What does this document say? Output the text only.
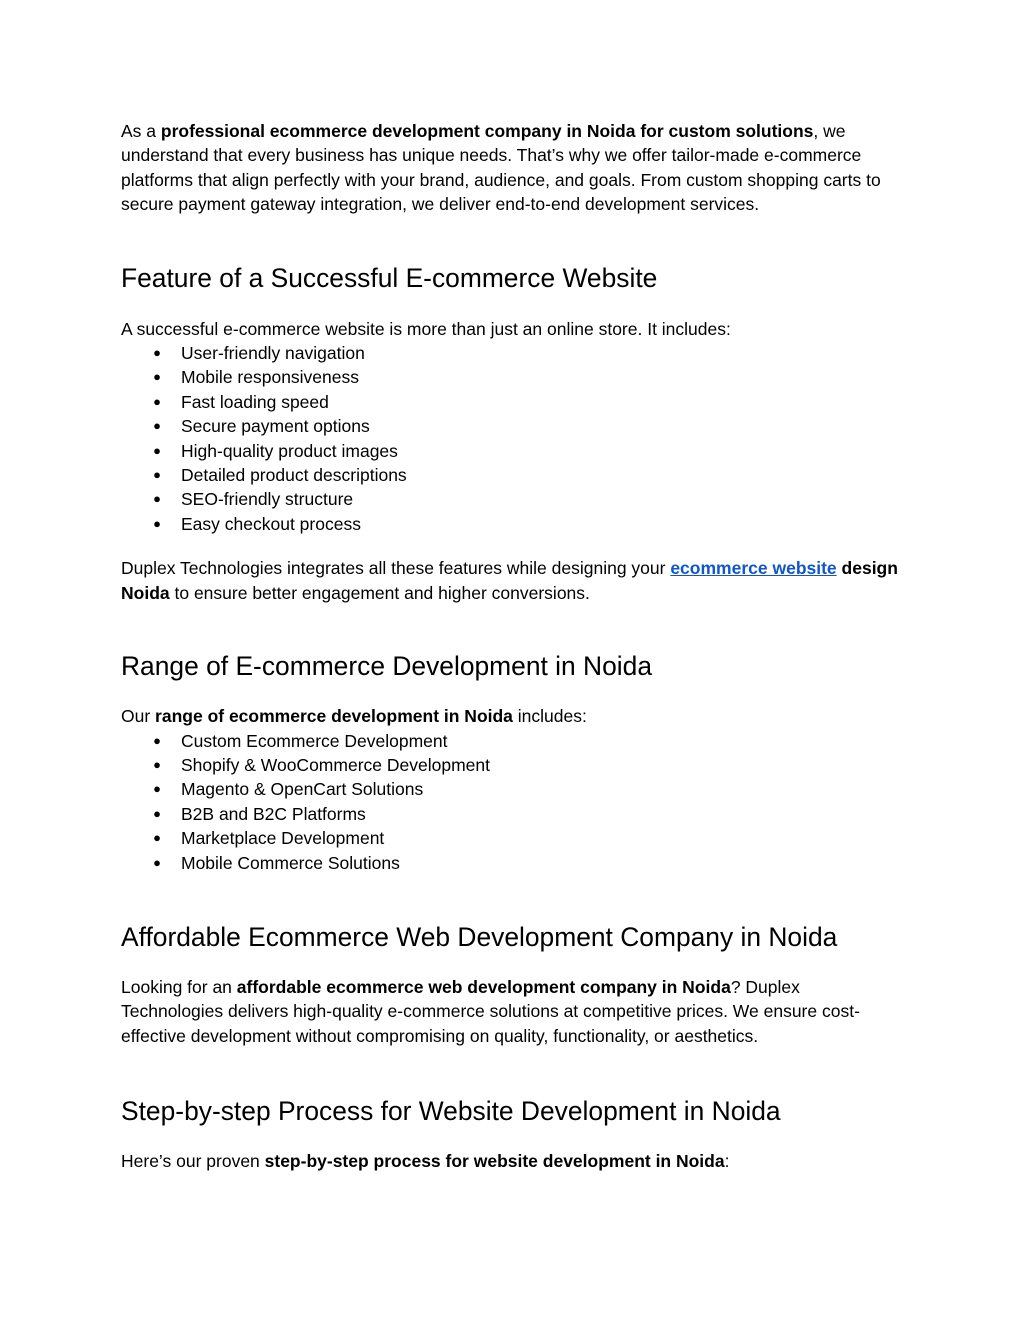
As a professional ecommerce development company in Noida for custom solutions, we understand that every business has unique needs. That’s why we offer tailor-made e-commerce platforms that align perfectly with your brand, audience, and goals. From custom shopping carts to secure payment gateway integration, we deliver end-to-end development services.

Feature of a Successful E-commerce Website

A successful e-commerce website is more than just an online store. It includes:

● User-friendly navigation
● Mobile responsiveness
● Fast loading speed
● Secure payment options
● High-quality product images
● Detailed product descriptions
● SEO-friendly structure
● Easy checkout process

Duplex Technologies integrates all these features while designing your ecommerce website design Noida to ensure better engagement and higher conversions.

Range of E-commerce Development in Noida

Our range of ecommerce development in Noida includes:

● Custom Ecommerce Development
● Shopify & WooCommerce Development
● Magento & OpenCart Solutions
● B2B and B2C Platforms
● Marketplace Development
● Mobile Commerce Solutions
Affordable Ecommerce Web Development Company in Noida

Looking for an affordable ecommerce web development company in Noida? Duplex Technologies delivers high-quality e-commerce solutions at competitive prices. We ensure cost-effective development without compromising on quality, functionality, or aesthetics.

Step-by-step Process for Website Development in Noida

Here’s our proven step-by-step process for website development in Noida:
